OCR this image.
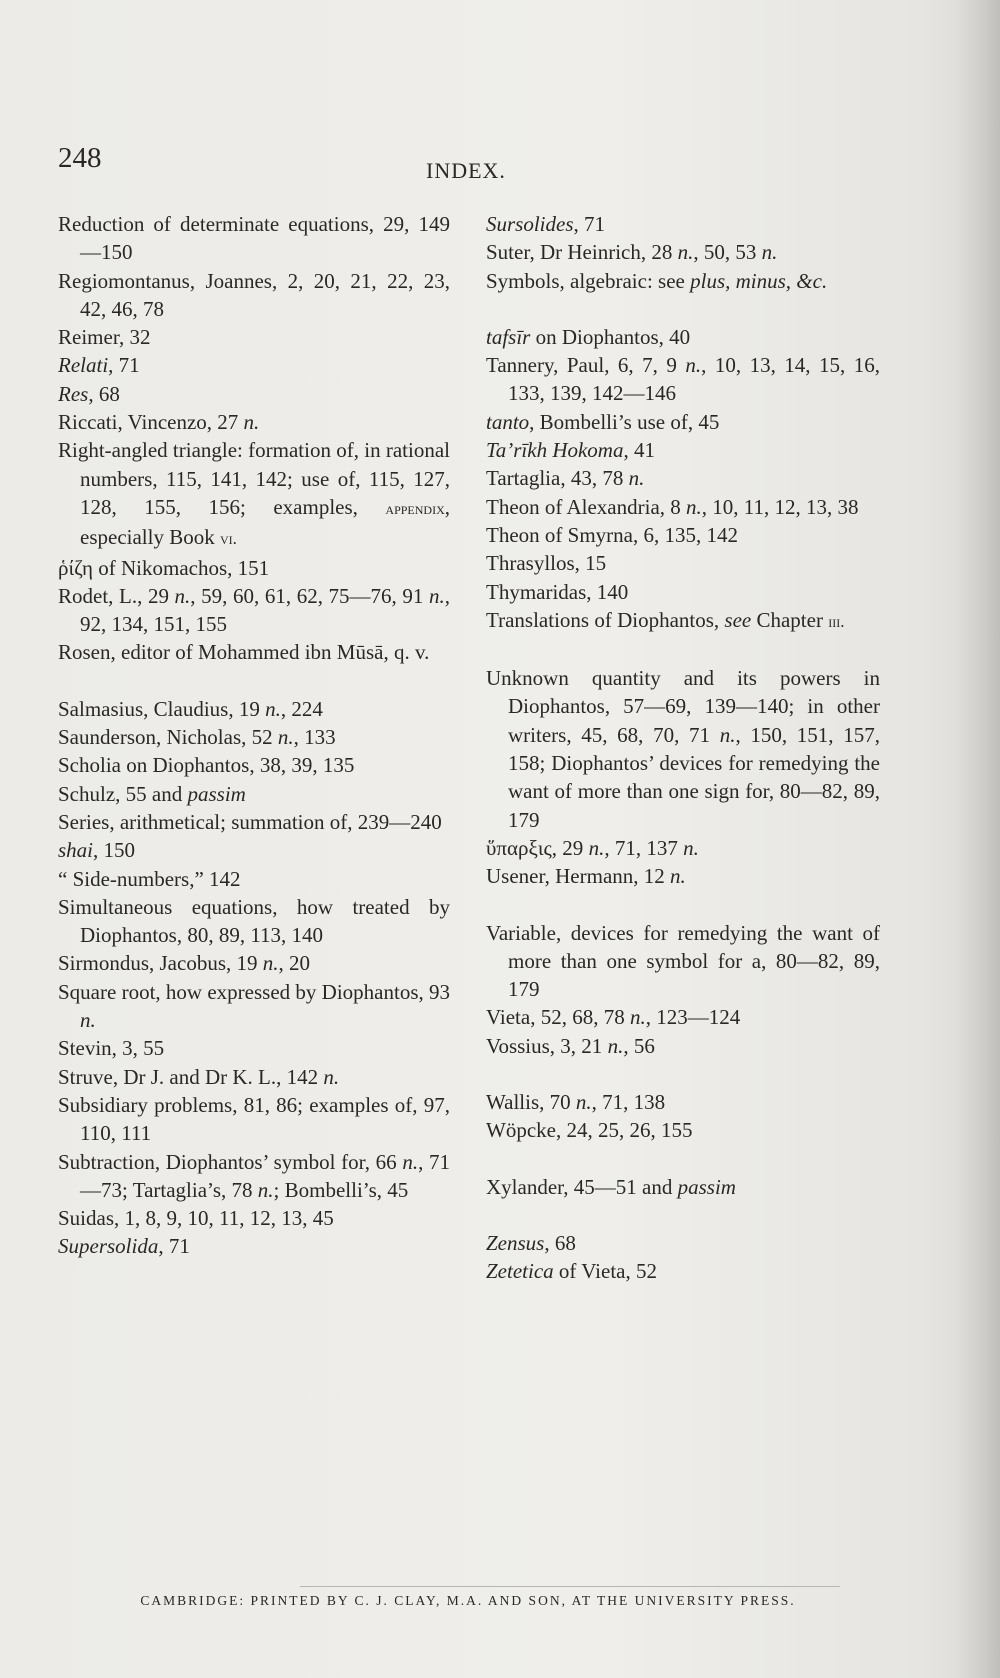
248	INDEX.

Reduction of determinate equations, 29, 149—150

Regiomontanus, Joannes, 2, 20, 21, 22, 23, 42, 46, 78

Reimer, 32

Relati, 71

Res, 68

Riccati, Vincenzo, 27 n.

Right-angled triangle: formation of, in rational numbers, 115, 141, 142; use of, 115, 127, 128, 155, 156; examples, appendix, especially Book vi.

ῥίζη of Nikomachos, 151

Rodet, L., 29 n., 59, 60, 61, 62, 75—76, 91 n., 92, 134, 151, 155

Rosen, editor of Mohammed ibn Mūsā, q. v.

Salmasius, Claudius, 19 n., 224

Saunderson, Nicholas, 52 n., 133

Scholia on Diophantos, 38, 39, 135

Schulz, 55 and passim

Series, arithmetical; summation of, 239—240

shai, 150

“ Side-numbers,” 142

Simultaneous equations, how treated by Diophantos, 80, 89, 113, 140

Sirmondus, Jacobus, 19 n., 20

Square root, how expressed by Diophantos, 93 n.

Stevin, 3, 55

Struve, Dr J. and Dr K. L., 142 n.

Subsidiary problems, 81, 86; examples of, 97, 110, 111

Subtraction, Diophantos’ symbol for, 66 n., 71—73; Tartaglia’s, 78 n.; Bombelli’s, 45

Suidas, 1, 8, 9, 10, 11, 12, 13, 45

Supersolida, 71

Sursolides, 71

Suter, Dr Heinrich, 28 n., 50, 53 n.

Symbols, algebraic: see plus, minus, &c.

tafsīr on Diophantos, 40

Tannery, Paul, 6, 7, 9 n., 10, 13, 14, 15, 16, 133, 139, 142—146

tanto, Bombelli’s use of, 45

Ta’rīkh Hokoma, 41

Tartaglia, 43, 78 n.

Theon of Alexandria, 8 n., 10, 11, 12, 13, 38

Theon of Smyrna, 6, 135, 142

Thrasyllos, 15

Thymaridas, 140

Translations of Diophantos, see Chapter iii.

Unknown quantity and its powers in Diophantos, 57—69, 139—140; in other writers, 45, 68, 70, 71 n., 150, 151, 157, 158; Diophantos’ devices for remedying the want of more than one sign for, 80—82, 89, 179

ὕπαρξις, 29 n., 71, 137 n.

Usener, Hermann, 12 n.

Variable, devices for remedying the want of more than one symbol for a, 80—82, 89, 179

Vieta, 52, 68, 78 n., 123—124

Vossius, 3, 21 n., 56

Wallis, 70 n., 71, 138

Wöpcke, 24, 25, 26, 155

Xylander, 45—51 and passim

Zensus, 68

Zetetica of Vieta, 52

CAMBRIDGE: PRINTED BY C. J. CLAY, M.A. AND SON, AT THE UNIVERSITY PRESS.
